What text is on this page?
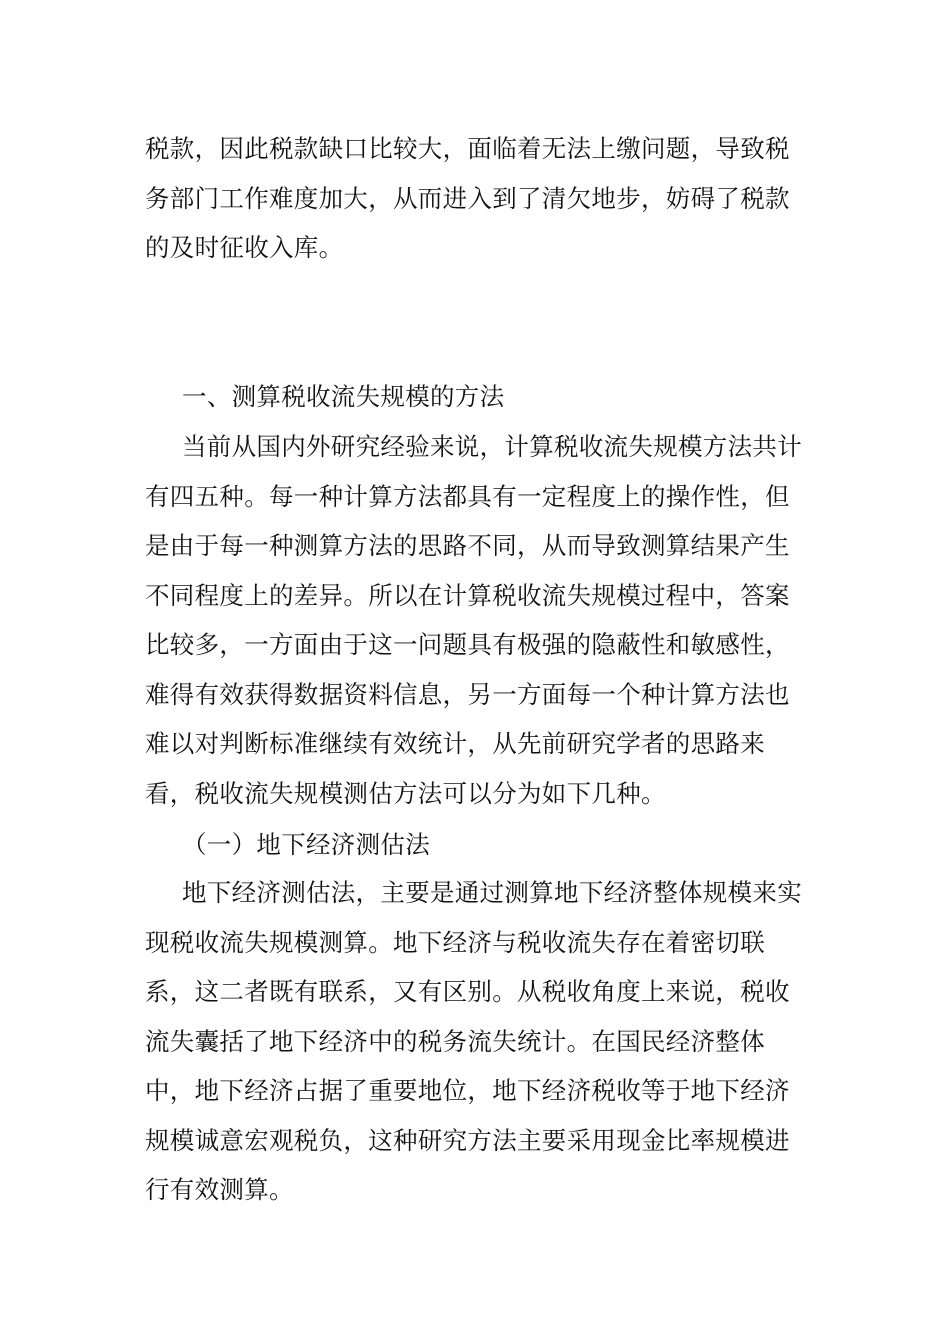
税款，因此税款缺口比较大，面临着无法上缴问题，导致税务部门工作难度加大，从而进入到了清欠地步，妨碍了税款的及时征收入库。

一、测算税收流失规模的方法

当前从国内外研究经验来说，计算税收流失规模方法共计有四五种。每一种计算方法都具有一定程度上的操作性，但是由于每一种测算方法的思路不同，从而导致测算结果产生不同程度上的差异。所以在计算税收流失规模过程中，答案比较多，一方面由于这一问题具有极强的隐蔽性和敏感性，难得有效获得数据资料信息，另一方面每一个种计算方法也难以对判断标准继续有效统计，从先前研究学者的思路来看，税收流失规模测估方法可以分为如下几种。

（一）地下经济测估法

地下经济测估法，主要是通过测算地下经济整体规模来实现税收流失规模测算。地下经济与税收流失存在着密切联系，这二者既有联系，又有区别。从税收角度上来说，税收流失囊括了地下经济中的税务流失统计。在国民经济整体中，地下经济占据了重要地位，地下经济税收等于地下经济规模诚意宏观税负，这种研究方法主要采用现金比率规模进行有效测算。
